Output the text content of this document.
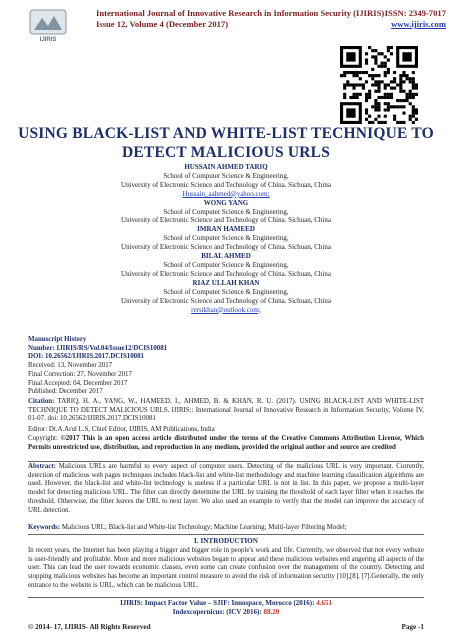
IJIRIS
International Journal of Innovative Research in Information Security (IJIRIS) ISSN: 2349-7017
Issue 12, Volume 4 (December 2017)	www.ijiris.com
USING BLACK-LIST AND WHITE-LIST TECHNIQUE TO
DETECT MALICIOUS URLS
HUSSAIN AHMED TARIQ
School of Computer Science & Engineering,
University of Electronic Science and Technology of China. Sichuan, China
Hussain_aahmed@yahoo.com;
WONG YANG
School of Computer Science & Engineering,
University of Electronic Science and Technology of China. Sichuan, China
IMRAN HAMEED
School of Computer Science & Engineering,
University of Electronic Science and Technology of China. Sichuan, China
BILAL AHMED
School of Computer Science & Engineering,
University of Electronic Science and Technology of China. Sichuan, China
RIAZ ULLAH KHAN
School of Computer Science & Engineering,
University of Electronic Science and Technology of China. Sichuan, China
rersikhan@outlook.com;
Manuscript History
Number: IJIRIS/RS/Vol.04/Issue12/DCIS10081
DOI: 10.26562/IJIRIS.2017.DCIS10081
Received: 13, November 2017
Final Correction: 27, November 2017
Final Accepted: 04, December 2017
Published: December 2017
Citation: TARIQ, H. A., YANG, W., HAMEED, I., AHMED, B. & KHAN, R. U. (2017). USING BLACK-LIST AND WHITE-LIST TECHNIQUE TO DETECT MALICIOUS URLS. IJIRIS:: International Journal of Innovative Research in Information Security, Volume IV, 01-07. doi: 10.26562/IJIRIS.2017.DCIS10081
Editor: Dr.A.Arul L.S, Chief Editor, IJIRIS, AM Publications, India
Copyright: ©2017 This is an open access article distributed under the terms of the Creative Commons Attribution License, Which Permits unrestricted use, distribution, and reproduction in any medium, provided the original author and source are credited
Abstract: Malicious URLs are harmful to every aspect of computer users. Detecting of the malicious URL is very important. Currently, detection of malicious web pages techniques includes black-list and white-list methodology and machine learning classification algorithms are used. However, the black-list and white-list technology is useless if a particular URL is not in list. In this paper, we propose a multi-layer model for detecting malicious URL. The filter can directly determine the URL by training the threshold of each layer filter when it reaches the threshold. Otherwise, the filter leaves the URL to next layer. We also used an example to verify that the model can improve the accuracy of URL detection.
Keywords: Malicious URL; Black-list and White-list Technology; Machine Learning; Multi-layer Filtering Model;
I. INTRODUCTION
In recent years, the Internet has been playing a bigger and bigger role in people's work and life. Currently, we observed that not every website is user-friendly and profitable. More and more malicious websites began to appear and these malicious websites end angering all aspects of the user. This can lead the user towards economic classes, even some can create confusion over the management of the country. Detecting and stopping malicious websites has become an important control measure to avoid the risk of information security [10],[8], [7].Generally, the only entrance to the website is URL, which can be malicious URL.
IJIRIS: Impact Factor Value – SJIF: Innospace, Morocco (2016): 4.651
Indexcopernicus: (ICV 2016): 88.20
© 2014- 17, IJIRIS- All Rights Reserved	Page -1
